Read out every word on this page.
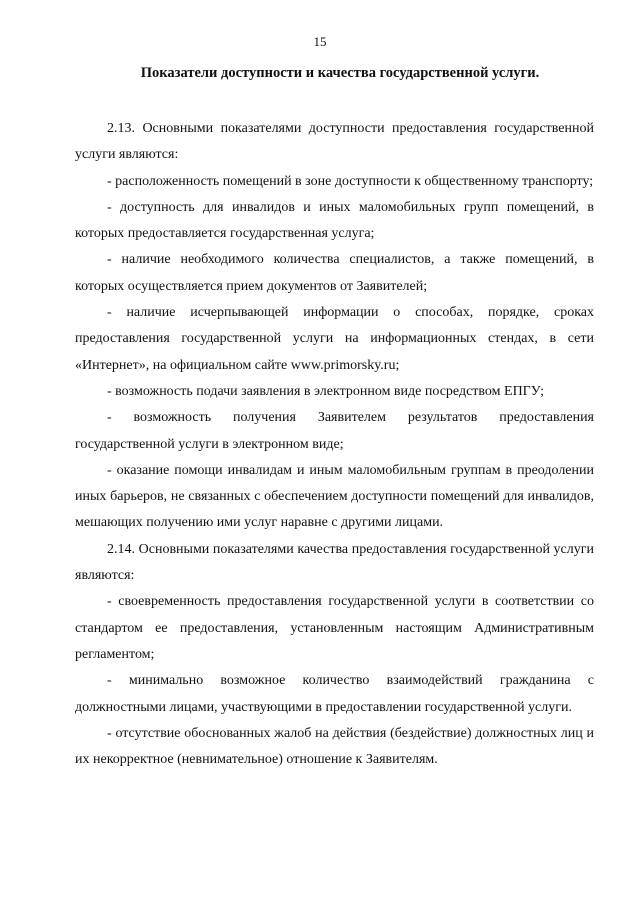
15
Показатели доступности и качества государственной услуги.

2.13. Основными показателями доступности предоставления государственной услуги являются:

- расположенность помещений в зоне доступности к общественному транспорту;

- доступность для инвалидов и иных маломобильных групп помещений, в которых предоставляется государственная услуга;

- наличие необходимого количества специалистов, а также помещений, в которых осуществляется прием документов от Заявителей;

- наличие исчерпывающей информации о способах, порядке, сроках предоставления государственной услуги на информационных стендах, в сети «Интернет», на официальном сайте www.primorsky.ru;

- возможность подачи заявления в электронном виде посредством ЕПГУ;

- возможность получения Заявителем результатов предоставления государственной услуги в электронном виде;

- оказание помощи инвалидам и иным маломобильным группам в преодолении иных барьеров, не связанных с обеспечением доступности помещений для инвалидов, мешающих получению ими услуг наравне с другими лицами.

2.14. Основными показателями качества предоставления государственной услуги являются:

- своевременность предоставления государственной услуги в соответствии со стандартом ее предоставления, установленным настоящим Административным регламентом;

- минимально возможное количество взаимодействий гражданина с должностными лицами, участвующими в предоставлении государственной услуги.

- отсутствие обоснованных жалоб на действия (бездействие) должностных лиц и их некорректное (невнимательное) отношение к Заявителям.
